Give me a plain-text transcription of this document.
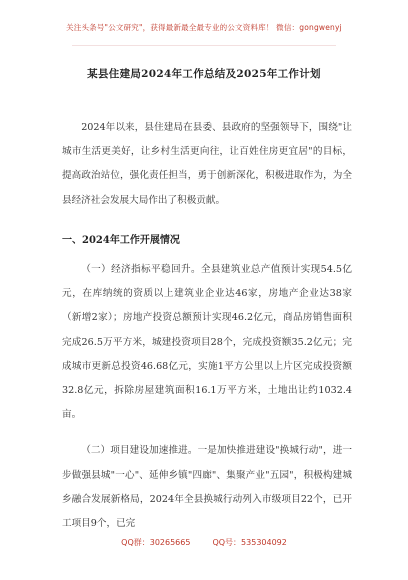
关注头条号"公文研究"，获得最新最全最专业的公文资料库！ 微信：gongwenyj
某县住建局2024年工作总结及2025年工作计划

2024年以来，县住建局在县委、县政府的坚强领导下，围绕"让城市生活更美好，让乡村生活更向往，让百姓住房更宜居"的目标，提高政治站位，强化责任担当，勇于创新深化，积极进取作为，为全县经济社会发展大局作出了积极贡献。

一、2024年工作开展情况

（一）经济指标平稳回升。全县建筑业总产值预计实现54.5亿元，在库纳统的资质以上建筑业企业达46家，房地产企业达38家（新增2家）；房地产投资总额预计实现46.2亿元，商品房销售面积完成26.5万平方米，城建投资项目28个，完成投资额35.2亿元；完成城市更新总投资46.68亿元，实施1平方公里以上片区完成投资额32.8亿元，拆除房屋建筑面积16.1万平方米，土地出让约1032.4亩。

（二）项目建设加速推进。一是加快推进建设"换城行动"，进一步做强县城"一心"、延伸乡镇"四廊"、集聚产业"五园"，积极构建城乡融合发展新格局，2024年全县换城行动列入市级项目22个，已开工项目9个，已完

QQ群：30265665	QQ号：535304092
